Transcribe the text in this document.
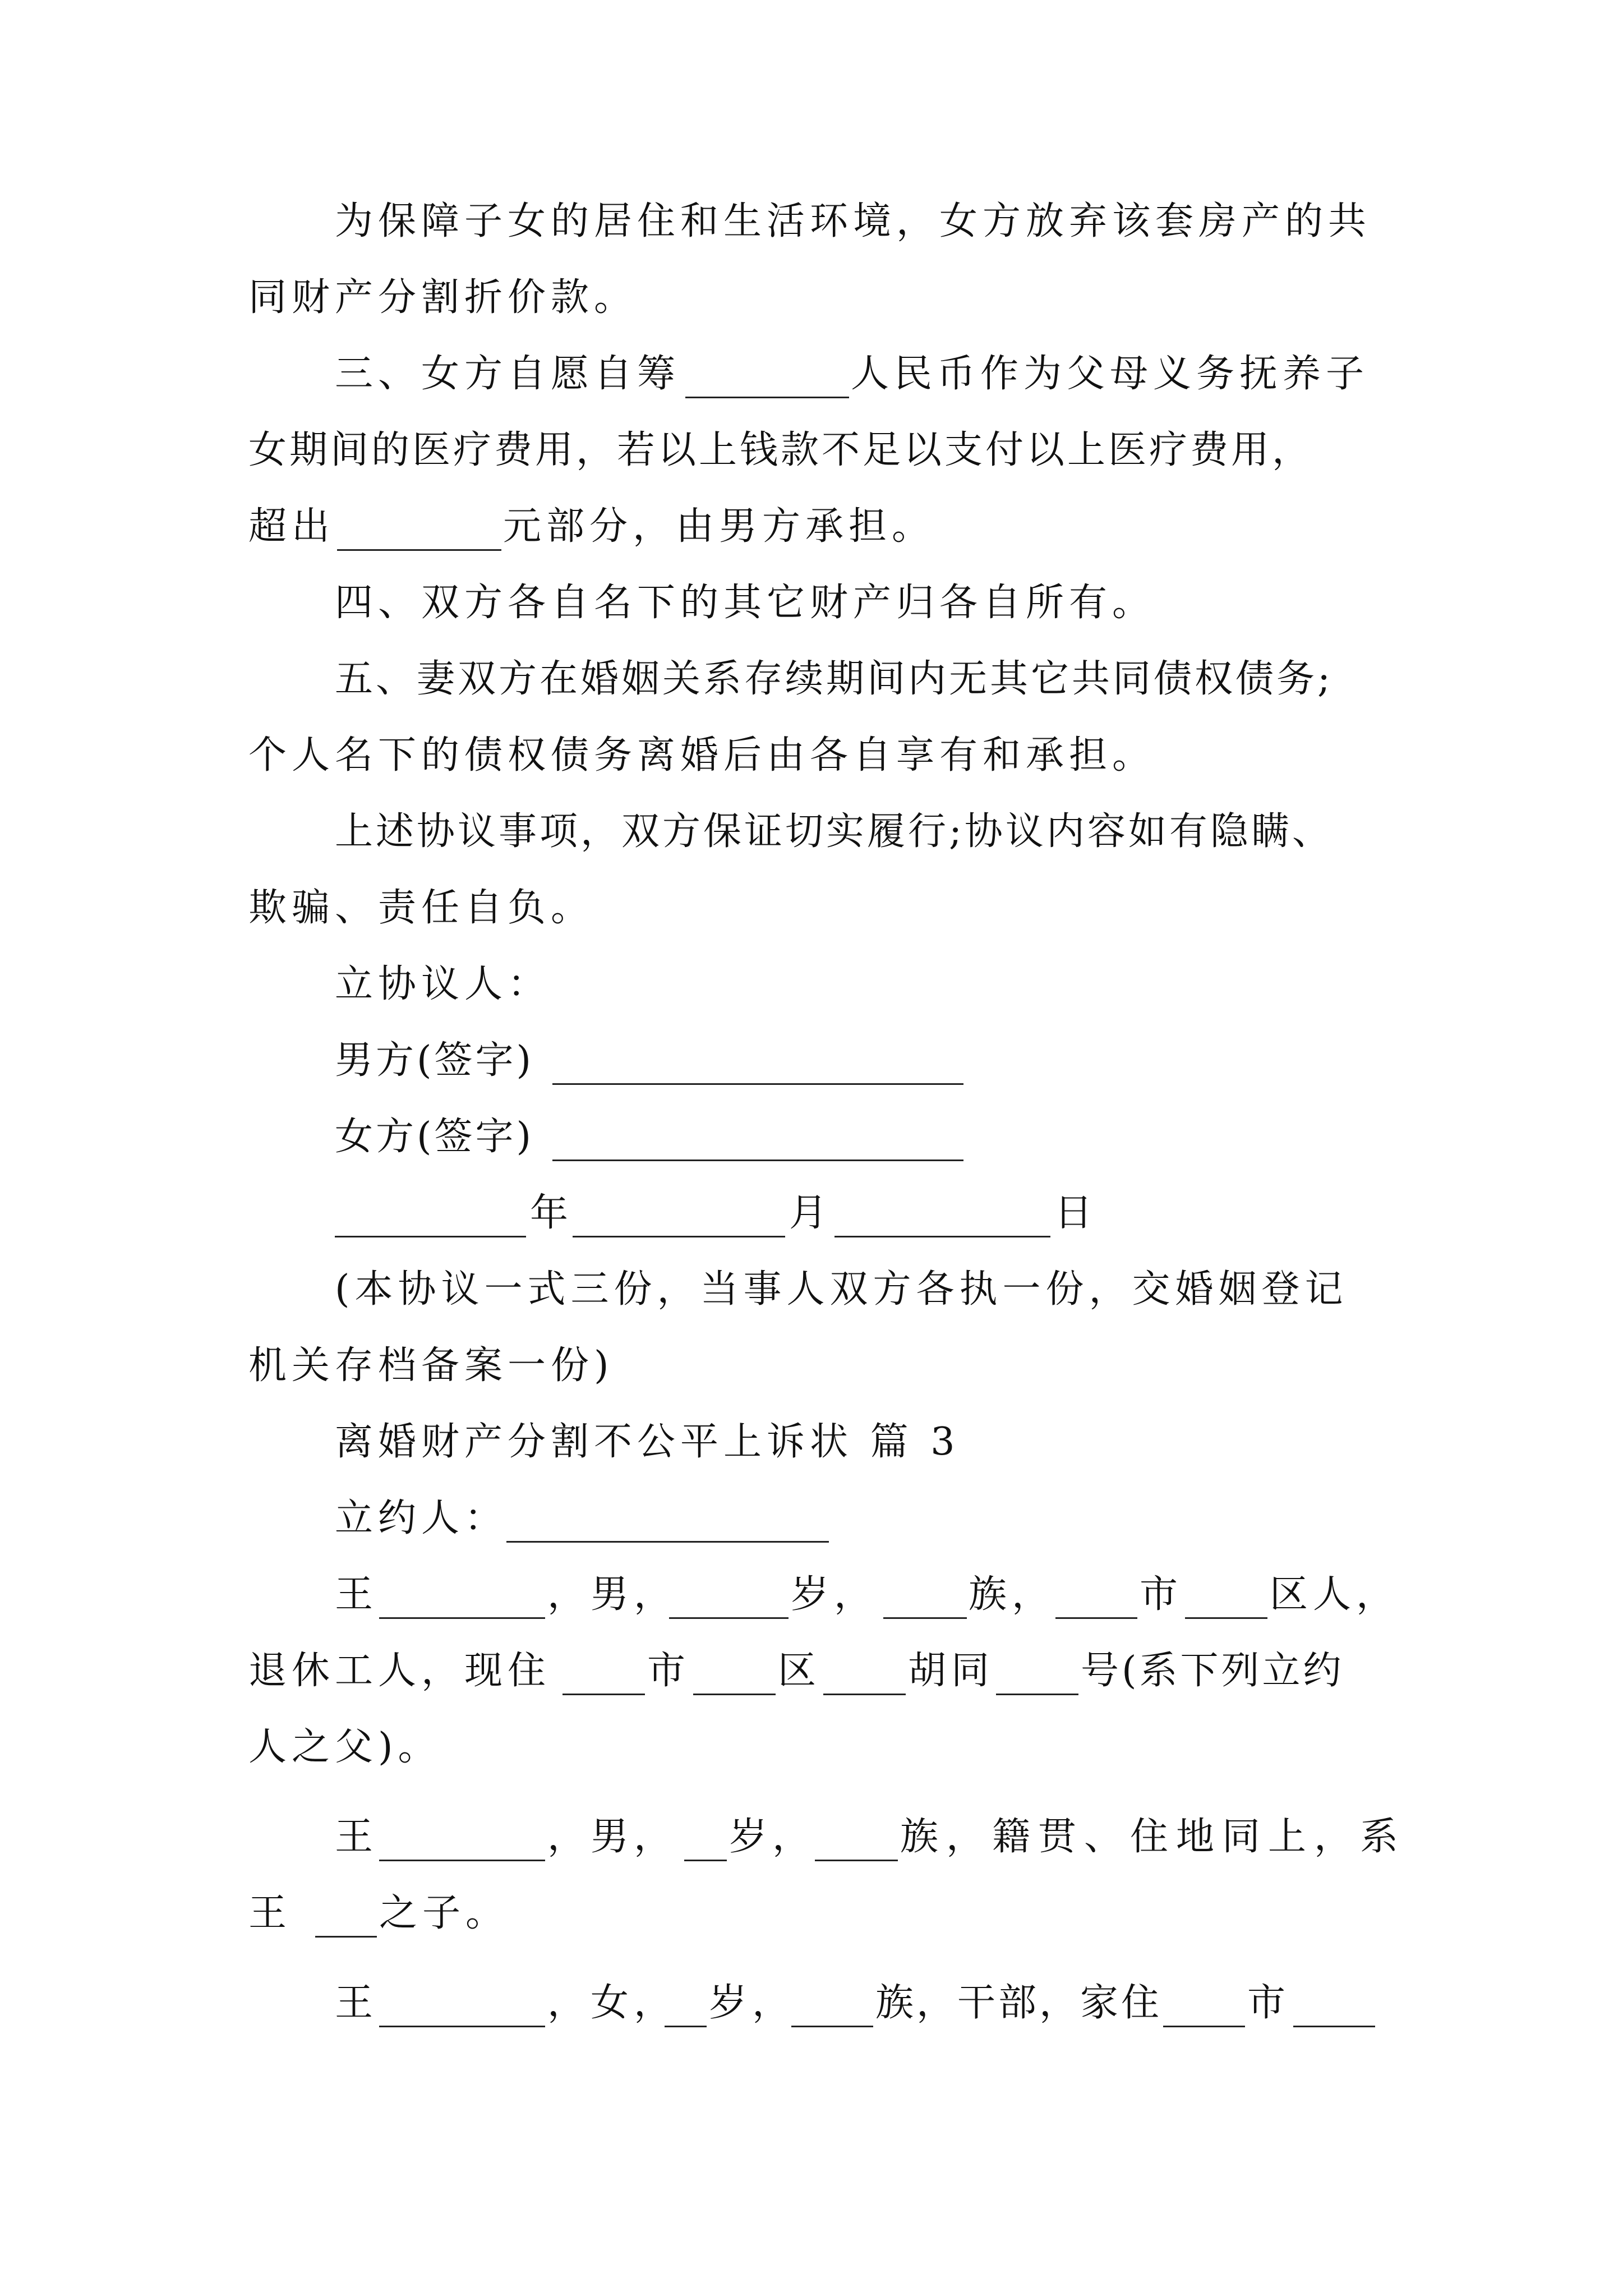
为保障子女的居住和生活环境，女方放弃该套房产的共

同财产分割折价款。

三、女方自愿自筹	人民币作为父母义务抚养子

女期间的医疗费用，若以上钱款不足以支付以上医疗费用，

超出	元部分，由男方承担。

四、双方各自名下的其它财产归各自所有。

五、妻双方在婚姻关系存续期间内无其它共同债权债务;

个人名下的债权债务离婚后由各自享有和承担。

上述协议事项，双方保证切实履行;协议内容如有隐瞒、

欺骗、责任自负。

立协议人：

男方(签字)

女方(签字)

年	月	日

(本协议一式三份，当事人双方各执一份，交婚姻登记

机关存档备案一份)

离婚财产分割不公平上诉状 篇 3

立约人：

王	，男，	岁， 族， 市 区人，

退休工人，现住	市 区 胡同 号(系下列立约

人之父)。

王	，男， 岁， 族，籍贯、住地同上，系

王 之子。

王	，女， 岁， 族，干部，家住 市
